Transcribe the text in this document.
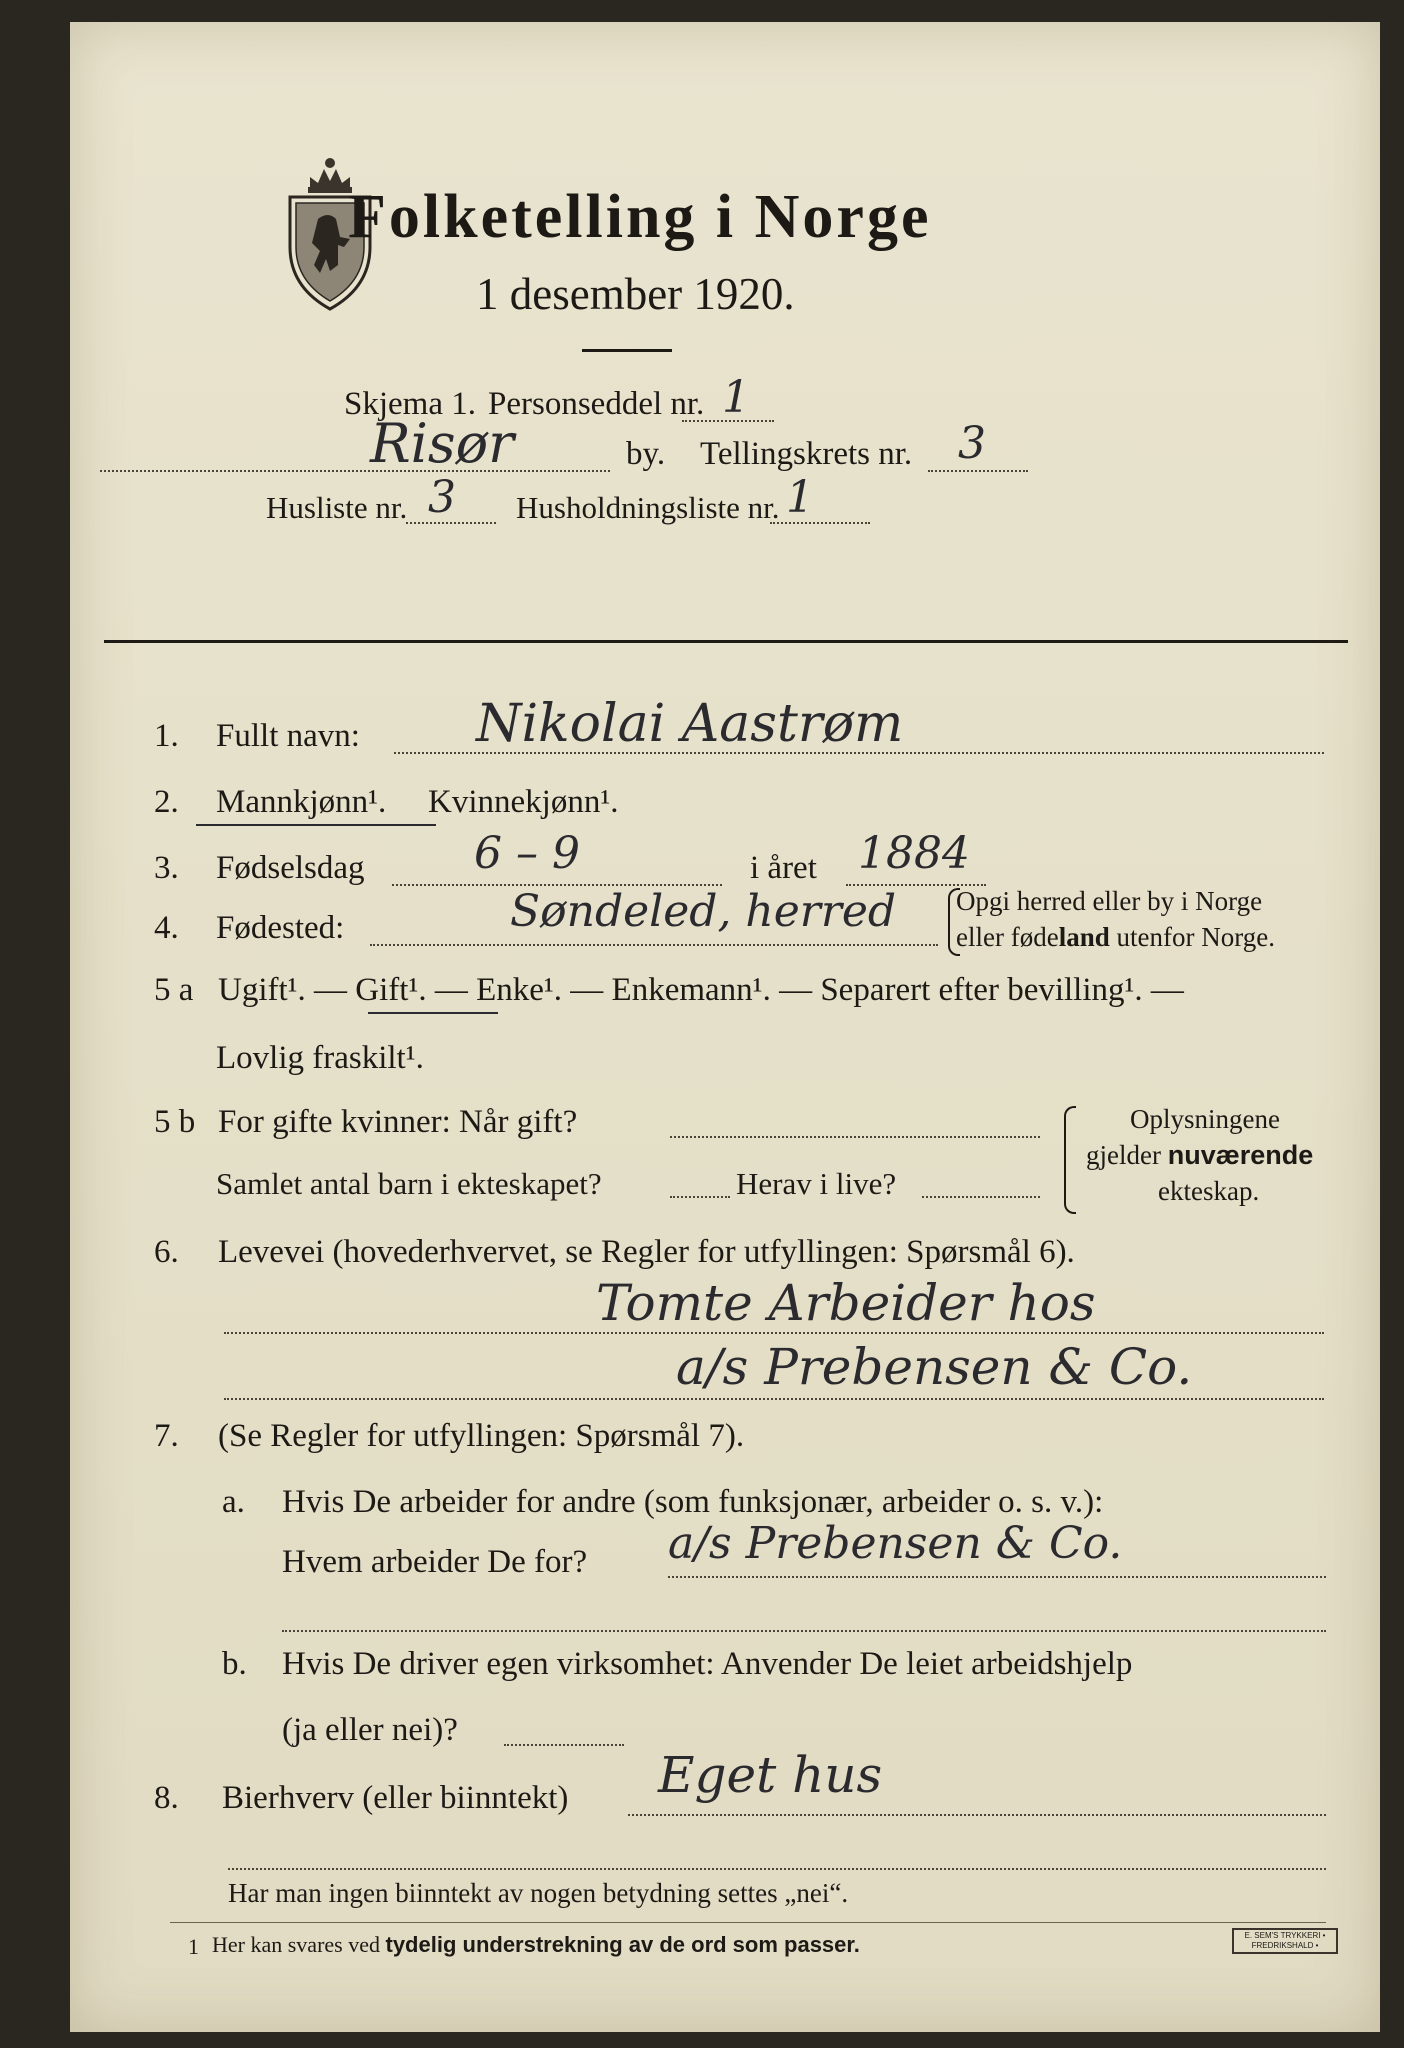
Folketelling i Norge
1 desember 1920.
Skjema 1. Personseddel nr. 1
Risør	by. Tellingskrets nr. 3
Husliste nr. 3 Husholdningsliste nr. 1
1. Fullt navn: Nikolai Aastrøm
2. Mannkjønn¹. Kvinnekjønn¹.
3. Fødselsdag 6 – 9	i året 1884
4. Fødested:	Søndeled, herred Opgi herred eller by i Norge
eller fødeland utenfor Norge.
5 a Ugift¹. — Gift¹. — Enke¹. — Enkemann¹. — Separert efter bevilling¹. —
Lovlig fraskilt¹.
5 b For gifte kvinner: Når gift?
Samlet antal barn i ekteskapet?	Herav i live?
Oplysningene
gjelder nuværende
ekteskap.
6. Levevei (hovederhvervet, se Regler for utfyllingen: Spørsmål 6).
Tomte Arbeider hos
a/s Prebensen & Co.
7. (Se Regler for utfyllingen: Spørsmål 7).
a. Hvis De arbeider for andre (som funksjonær, arbeider o. s. v.):
Hvem arbeider De for? a/s Prebensen & Co.
b. Hvis De driver egen virksomhet: Anvender De leiet arbeidshjelp
(ja eller nei)?
8. Bierhverv (eller biinntekt) Eget hus
Har man ingen biinntekt av nogen betydning settes „nei“.
1 Her kan svares ved tydelig understrekning av de ord som passer.	E. SEM'S TRYKKERI • FREDRIKSHALD •
